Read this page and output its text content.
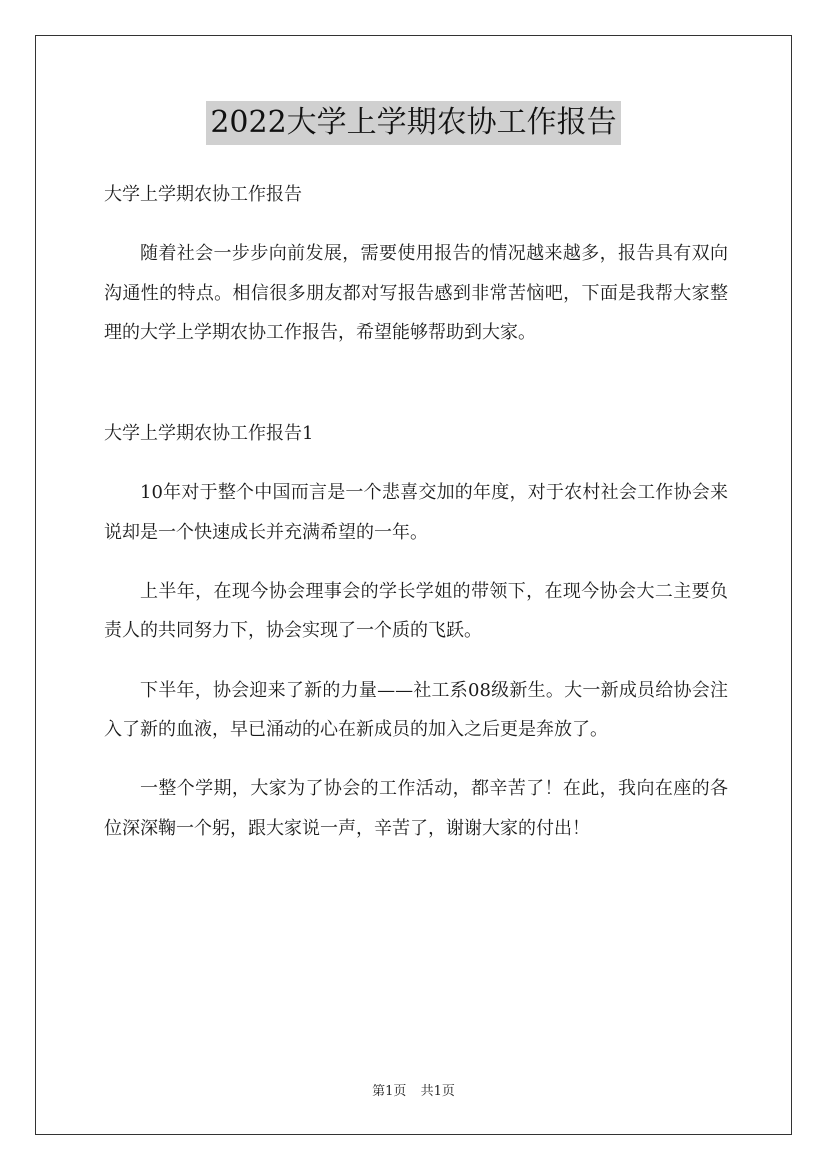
2022大学上学期农协工作报告

大学上学期农协工作报告

随着社会一步步向前发展，需要使用报告的情况越来越多，报告具有双向沟通性的特点。相信很多朋友都对写报告感到非常苦恼吧，下面是我帮大家整理的大学上学期农协工作报告，希望能够帮助到大家。

大学上学期农协工作报告1

10年对于整个中国而言是一个悲喜交加的年度，对于农村社会工作协会来说却是一个快速成长并充满希望的一年。

上半年，在现今协会理事会的学长学姐的带领下，在现今协会大二主要负责人的共同努力下，协会实现了一个质的飞跃。

下半年，协会迎来了新的力量——社工系08级新生。大一新成员给协会注入了新的血液，早已涌动的心在新成员的加入之后更是奔放了。

一整个学期，大家为了协会的工作活动，都辛苦了！在此，我向在座的各位深深鞠一个躬，跟大家说一声，辛苦了，谢谢大家的付出！

第1页 共1页
